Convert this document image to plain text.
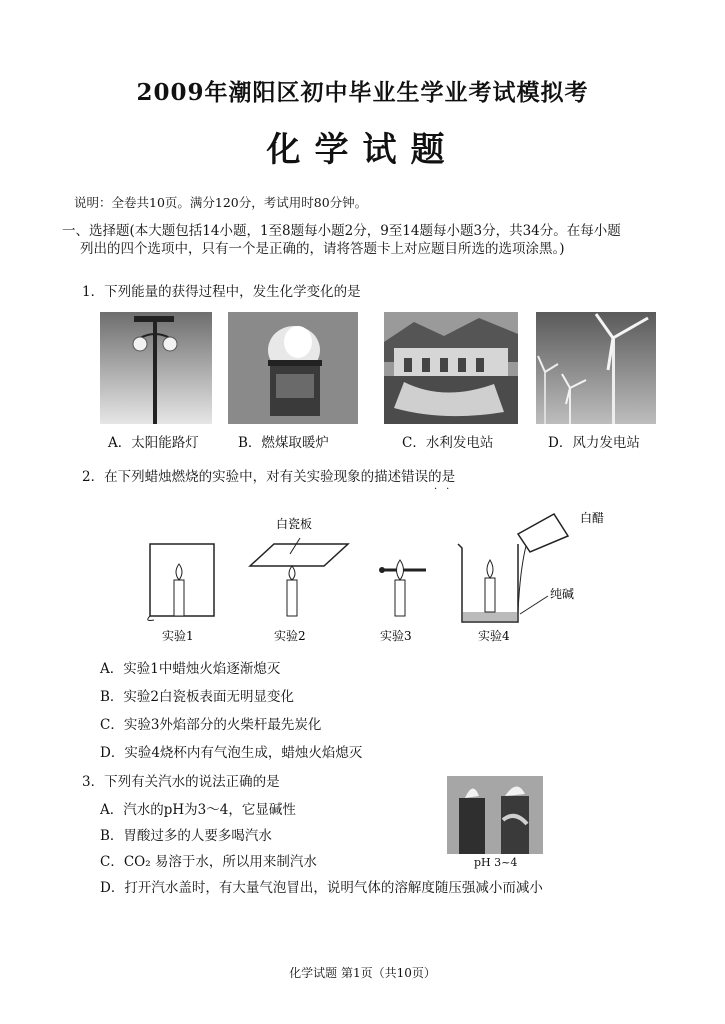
2009年潮阳区初中毕业生学业考试模拟考
化学试题
说明：全卷共10页。满分120分，考试用时80分钟。
一、选择题(本大题包括14小题，1至8题每小题2分，9至14题每小题3分，共34分。在每小题
列出的四个选项中，只有一个是正确的，请将答题卡上对应题目所选的选项涂黑。)
1．下列能量的获得过程中，发生化学变化的是
A．太阳能路灯	B．燃煤取暖炉	C．水利发电站	D．风力发电站
2．在下列蜡烛燃烧的实验中，对有关实验现象的描述错误的是
··
白瓷板	白醋
纯碱
实验1	实验2	实验3	实验4
A．实验1中蜡烛火焰逐渐熄灭
B．实验2白瓷板表面无明显变化
C．实验3外焰部分的火柴杆最先炭化
D．实验4烧杯内有气泡生成，蜡烛火焰熄灭
3．下列有关汽水的说法正确的是
A．汽水的pH为3～4，它显碱性
B．胃酸过多的人要多喝汽水
C．CO₂ 易溶于水，所以用来制汽水
D．打开汽水盖时，有大量气泡冒出，说明气体的溶解度随压强减小而减小
pH 3~4
化学试题 第1页（共10页）
